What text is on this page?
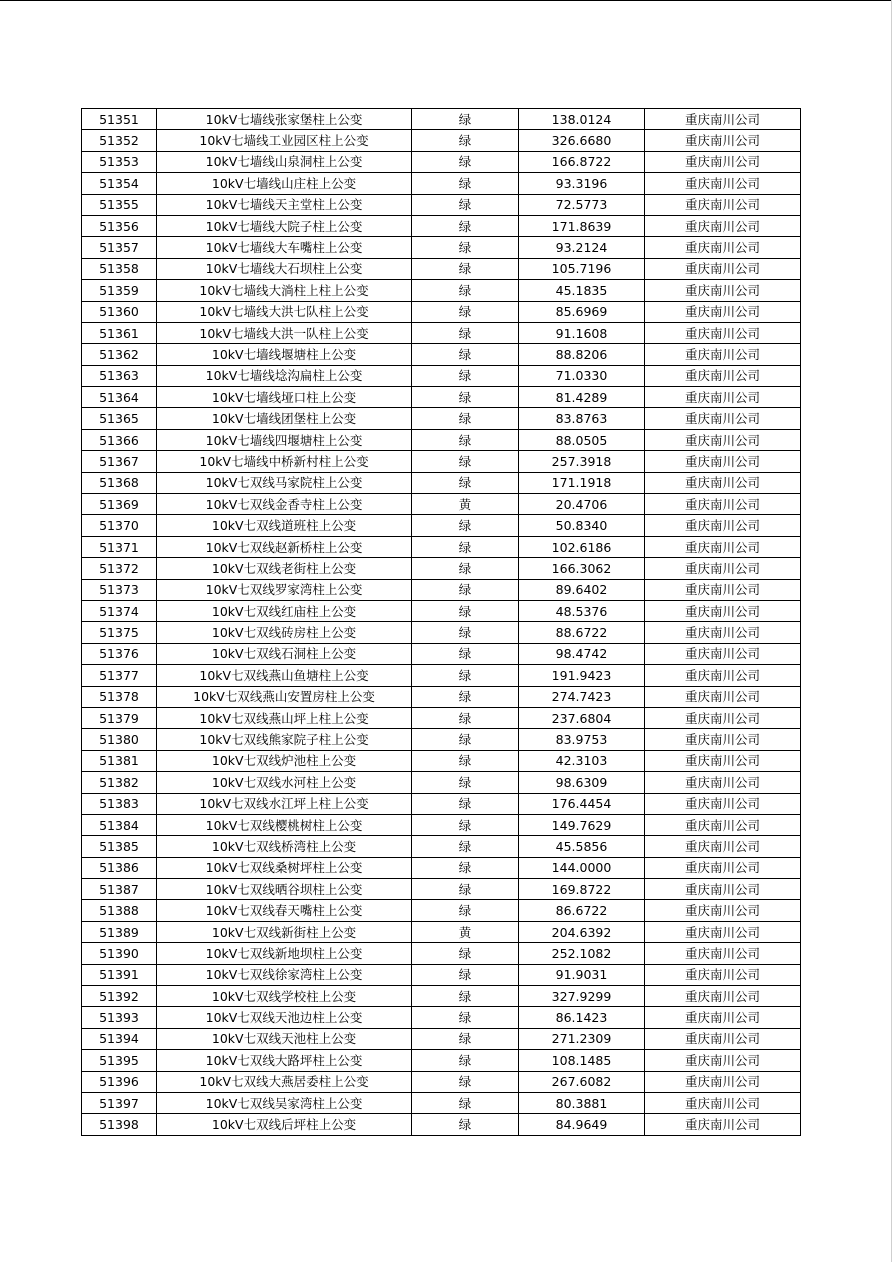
51351	10kV七墙线张家堡柱上公变	绿	138.0124	重庆南川公司
51352	10kV七墙线工业园区柱上公变	绿	326.6680	重庆南川公司
51353	10kV七墙线山泉洞柱上公变	绿	166.8722	重庆南川公司
51354	10kV七墙线山庄柱上公变	绿	93.3196	重庆南川公司
51355	10kV七墙线天主堂柱上公变	绿	72.5773	重庆南川公司
51356	10kV七墙线大院子柱上公变	绿	171.8639	重庆南川公司
51357	10kV七墙线大车嘴柱上公变	绿	93.2124	重庆南川公司
51358	10kV七墙线大石坝柱上公变	绿	105.7196	重庆南川公司
51359	10kV七墙线大淌柱上柱上公变	绿	45.1835	重庆南川公司
51360	10kV七墙线大洪七队柱上公变	绿	85.6969	重庆南川公司
51361	10kV七墙线大洪一队柱上公变	绿	91.1608	重庆南川公司
51362	10kV七墙线堰塘柱上公变	绿	88.8206	重庆南川公司
51363	10kV七墙线埝沟扁柱上公变	绿	71.0330	重庆南川公司
51364	10kV七墙线垭口柱上公变	绿	81.4289	重庆南川公司
51365	10kV七墙线团堡柱上公变	绿	83.8763	重庆南川公司
51366	10kV七墙线四堰塘柱上公变	绿	88.0505	重庆南川公司
51367	10kV七墙线中桥新村柱上公变	绿	257.3918	重庆南川公司
51368	10kV七双线马家院柱上公变	绿	171.1918	重庆南川公司
51369	10kV七双线金香寺柱上公变	黄	20.4706	重庆南川公司
51370	10kV七双线道班柱上公变	绿	50.8340	重庆南川公司
51371	10kV七双线赵新桥柱上公变	绿	102.6186	重庆南川公司
51372	10kV七双线老街柱上公变	绿	166.3062	重庆南川公司
51373	10kV七双线罗家湾柱上公变	绿	89.6402	重庆南川公司
51374	10kV七双线红庙柱上公变	绿	48.5376	重庆南川公司
51375	10kV七双线砖房柱上公变	绿	88.6722	重庆南川公司
51376	10kV七双线石洞柱上公变	绿	98.4742	重庆南川公司
51377	10kV七双线燕山鱼塘柱上公变	绿	191.9423	重庆南川公司
51378	10kV七双线燕山安置房柱上公变	绿	274.7423	重庆南川公司
51379	10kV七双线燕山坪上柱上公变	绿	237.6804	重庆南川公司
51380	10kV七双线熊家院子柱上公变	绿	83.9753	重庆南川公司
51381	10kV七双线炉池柱上公变	绿	42.3103	重庆南川公司
51382	10kV七双线水河柱上公变	绿	98.6309	重庆南川公司
51383	10kV七双线水江坪上柱上公变	绿	176.4454	重庆南川公司
51384	10kV七双线樱桃树柱上公变	绿	149.7629	重庆南川公司
51385	10kV七双线桥湾柱上公变	绿	45.5856	重庆南川公司
51386	10kV七双线桑树坪柱上公变	绿	144.0000	重庆南川公司
51387	10kV七双线晒谷坝柱上公变	绿	169.8722	重庆南川公司
51388	10kV七双线春天嘴柱上公变	绿	86.6722	重庆南川公司
51389	10kV七双线新街柱上公变	黄	204.6392	重庆南川公司
51390	10kV七双线新地坝柱上公变	绿	252.1082	重庆南川公司
51391	10kV七双线徐家湾柱上公变	绿	91.9031	重庆南川公司
51392	10kV七双线学校柱上公变	绿	327.9299	重庆南川公司
51393	10kV七双线天池边柱上公变	绿	86.1423	重庆南川公司
51394	10kV七双线天池柱上公变	绿	271.2309	重庆南川公司
51395	10kV七双线大路坪柱上公变	绿	108.1485	重庆南川公司
51396	10kV七双线大燕居委柱上公变	绿	267.6082	重庆南川公司
51397	10kV七双线吴家湾柱上公变	绿	80.3881	重庆南川公司
51398	10kV七双线后坪柱上公变	绿	84.9649	重庆南川公司
